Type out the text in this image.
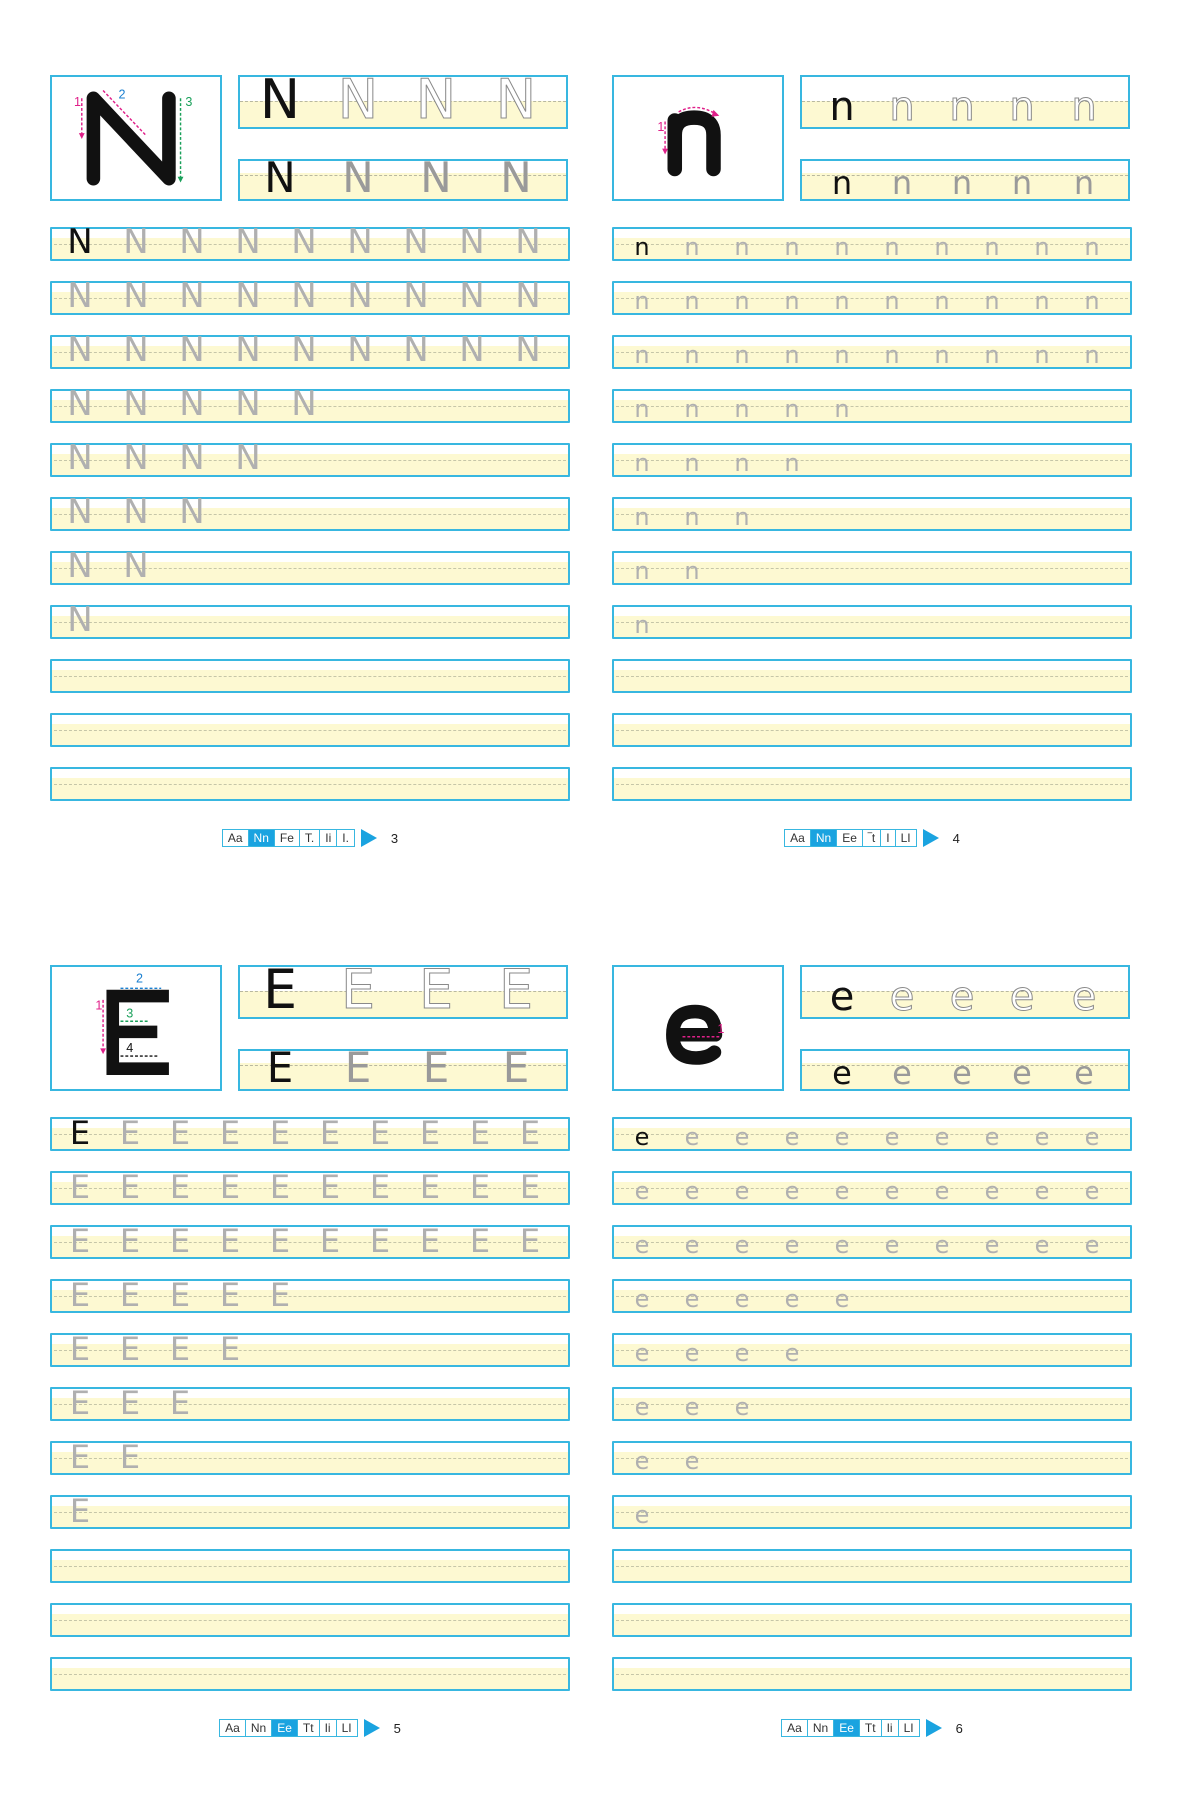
1
2
3 N N N N
N N N N
N N N N N N N N N
N N N N N N N N N
N N N N N N N N N
N N N N N
N N N N
N N N
N N
N
Aa Nn Fe T. Ii I.	3
1	n n n n n
n	n	n	n	n
n	n	n	n	n	n	n	n	n	n
n	n	n	n	n	n	n	n	n	n
n	n	n	n	n	n	n	n	n	n
n	n	n	n	n
n	n	n	n
n	n	n
n	n
n
Aa Nn Ee ‾t I LI	4
1
2
3
4
E E E E
E	E	E	E
E E E E E E E E E E
E E E E E E E E E E
E E E E E E E E E E
E E E E E
E E E E
E E E
E E
E
Aa Nn Ee Tt Ii LI	5
1
e e e e e
e	e	e	e	e
e	e	e	e	e	e	e	e	e	e
e	e	e	e	e	e	e	e	e	e
e	e	e	e	e	e	e	e	e	e
e	e	e	e	e
e	e	e	e
e	e	e
e	e
e
Aa Nn Ee Tt Ii LI	6
